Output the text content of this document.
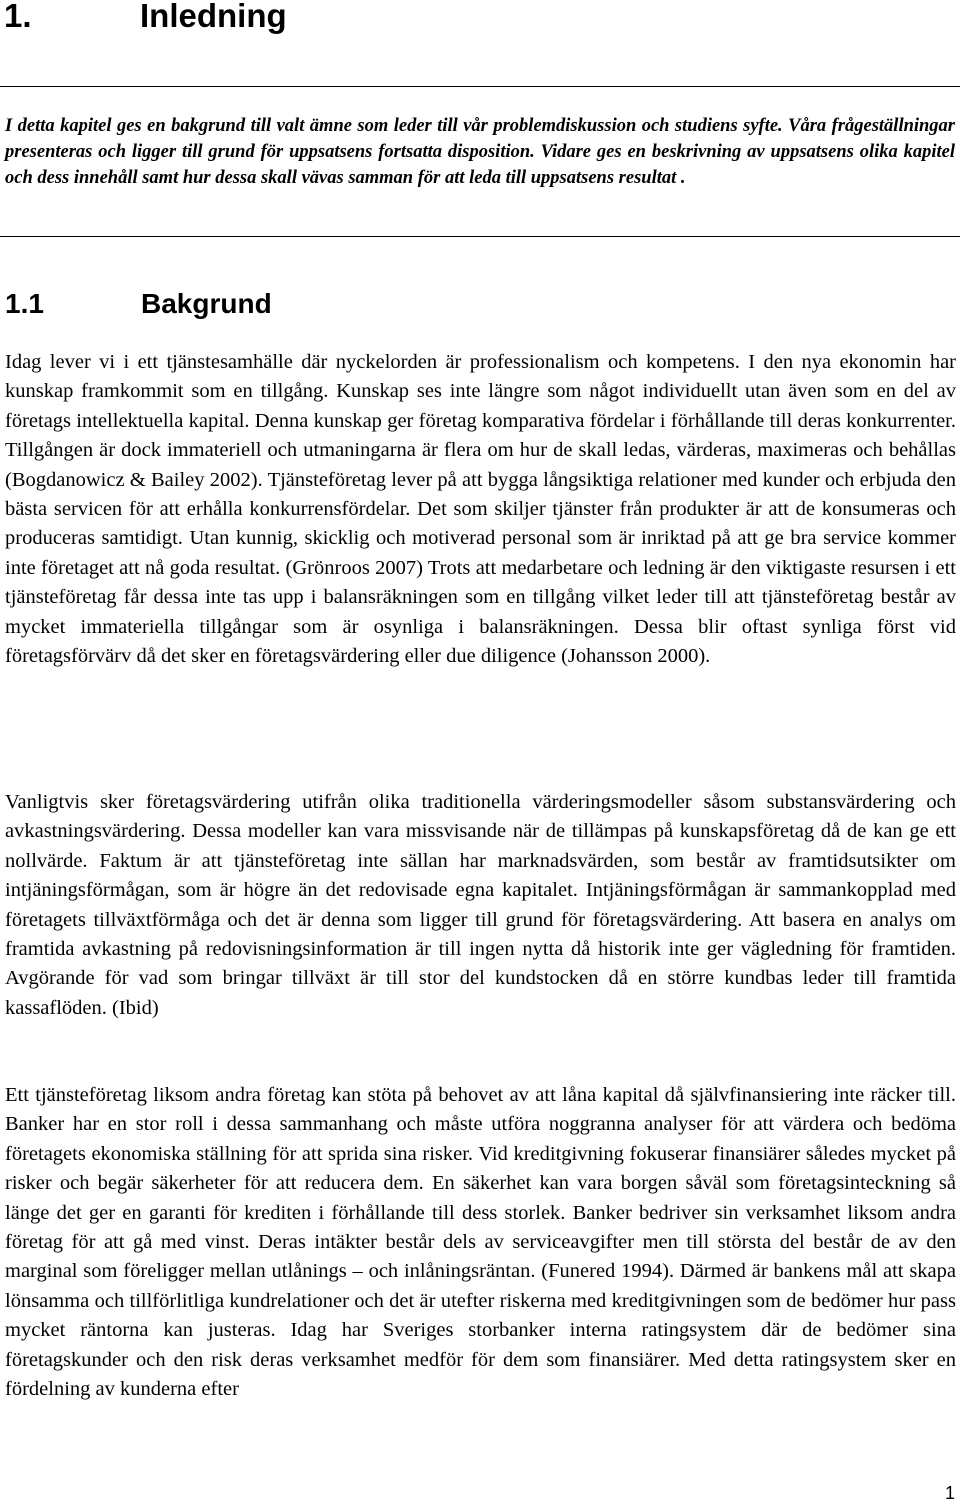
1.	Inledning

I detta kapitel ges en bakgrund till valt ämne som leder till vår problemdiskussion och studiens syfte. Våra frågeställningar presenteras och ligger till grund för uppsatsens fortsatta disposition. Vidare ges en beskrivning av uppsatsens olika kapitel och dess innehåll samt hur dessa skall vävas samman för att leda till uppsatsens resultat .

1.1	Bakgrund

Idag lever vi i ett tjänstesamhälle där nyckelorden är professionalism och kompetens. I den nya ekonomin har kunskap framkommit som en tillgång. Kunskap ses inte längre som något individuellt utan även som en del av företags intellektuella kapital. Denna kunskap ger företag komparativa fördelar i förhållande till deras konkurrenter. Tillgången är dock immateriell och utmaningarna är flera om hur de skall ledas, värderas, maximeras och behållas (Bogdanowicz & Bailey 2002). Tjänsteföretag lever på att bygga långsiktiga relationer med kunder och erbjuda den bästa servicen för att erhålla konkurrensfördelar. Det som skiljer tjänster från produkter är att de konsumeras och produceras samtidigt. Utan kunnig, skicklig och motiverad personal som är inriktad på att ge bra service kommer inte företaget att nå goda resultat. (Grönroos 2007) Trots att medarbetare och ledning är den viktigaste resursen i ett tjänsteföretag får dessa inte tas upp i balansräkningen som en tillgång vilket leder till att tjänsteföretag består av mycket immateriella tillgångar som är osynliga i balansräkningen. Dessa blir oftast synliga först vid företagsförvärv då det sker en företagsvärdering eller due diligence (Johansson 2000).

Vanligtvis sker företagsvärdering utifrån olika traditionella värderingsmodeller såsom substansvärdering och avkastningsvärdering. Dessa modeller kan vara missvisande när de tillämpas på kunskapsföretag då de kan ge ett nollvärde. Faktum är att tjänsteföretag inte sällan har marknadsvärden, som består av framtidsutsikter om intjäningsförmågan, som är högre än det redovisade egna kapitalet. Intjäningsförmågan är sammankopplad med företagets tillväxtförmåga och det är denna som ligger till grund för företagsvärdering. Att basera en analys om framtida avkastning på redovisningsinformation är till ingen nytta då historik inte ger vägledning för framtiden. Avgörande för vad som bringar tillväxt är till stor del kundstocken då en större kundbas leder till framtida kassaflöden. (Ibid)

Ett tjänsteföretag liksom andra företag kan stöta på behovet av att låna kapital då självfinansiering inte räcker till. Banker har en stor roll i dessa sammanhang och måste utföra noggranna analyser för att värdera och bedöma företagets ekonomiska ställning för att sprida sina risker. Vid kreditgivning fokuserar finansiärer således mycket på risker och begär säkerheter för att reducera dem. En säkerhet kan vara borgen såväl som företagsinteckning så länge det ger en garanti för krediten i förhållande till dess storlek. Banker bedriver sin verksamhet liksom andra företag för att gå med vinst. Deras intäkter består dels av serviceavgifter men till största del består de av den marginal som föreligger mellan utlånings – och inlåningsräntan. (Funered 1994). Därmed är bankens mål att skapa lönsamma och tillförlitliga kundrelationer och det är utefter riskerna med kreditgivningen som de bedömer hur pass mycket räntorna kan justeras. Idag har Sveriges storbanker interna ratingsystem där de bedömer sina företagskunder och den risk deras verksamhet medför för dem som finansiärer. Med detta ratingsystem sker en fördelning av kunderna efter

1
